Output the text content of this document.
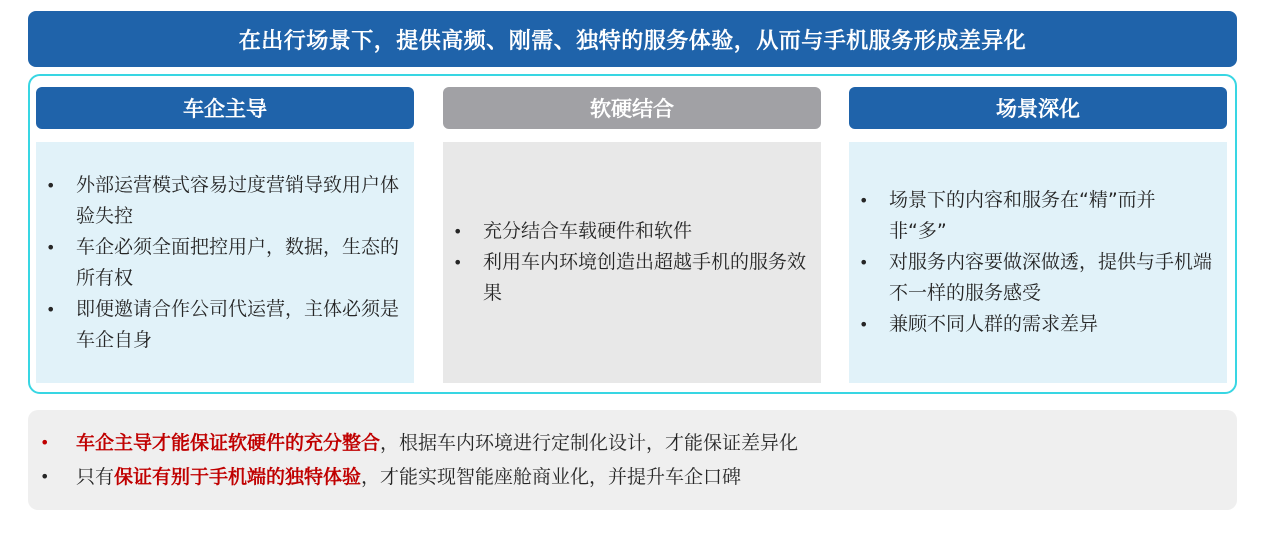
在出行场景下，提供高频、刚需、独特的服务体验，从而与手机服务形成差异化
车企主导
• 外部运营模式容易过度营销导致用户体验失控
• 车企必须全面把控用户，数据，生态的所有权
• 即便邀请合作公司代运营，主体必须是车企自身
软硬结合
• 充分结合车载硬件和软件
• 利用车内环境创造出超越手机的服务效果
场景深化
• 场景下的内容和服务在“精”而并非“多”
• 对服务内容要做深做透，提供与手机端不一样的服务感受
• 兼顾不同人群的需求差异
• 车企主导才能保证软硬件的充分整合，根据车内环境进行定制化设计，才能保证差异化
• 只有保证有别于手机端的独特体验，才能实现智能座舱商业化，并提升车企口碑
